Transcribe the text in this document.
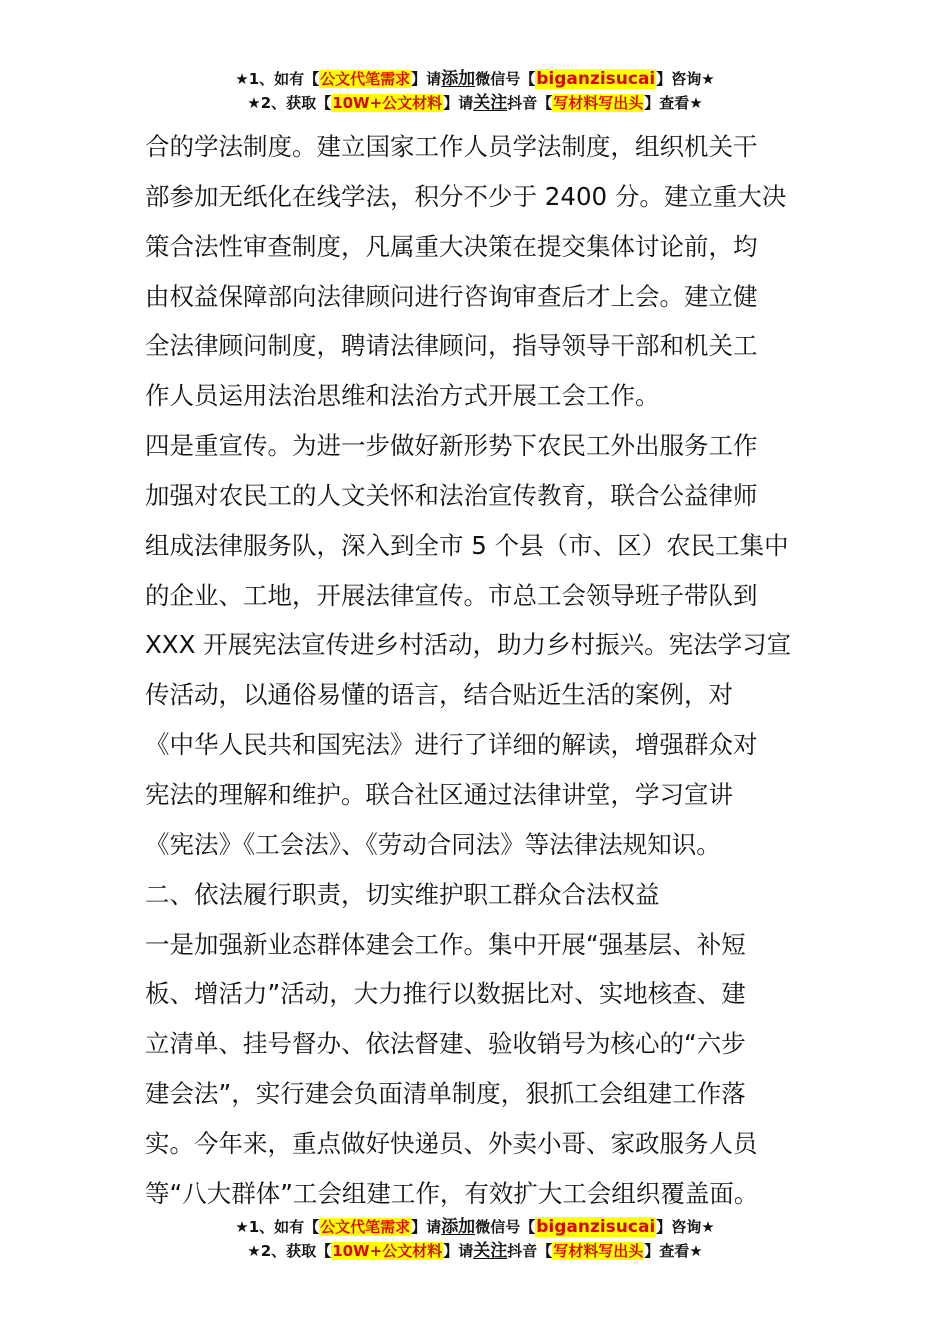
★1、如有【公文代笔需求】请添加微信号【biganzisucai】咨询★
★2、获取【10W+公文材料】请关注抖音【写材料写出头】查看★
合的学法制度。建立国家工作人员学法制度，组织机关干
部参加无纸化在线学法，积分不少于 2400 分。建立重大决
策合法性审查制度，凡属重大决策在提交集体讨论前，均
由权益保障部向法律顾问进行咨询审查后才上会。建立健
全法律顾问制度，聘请法律顾问，指导领导干部和机关工
作人员运用法治思维和法治方式开展工会工作。
四是重宣传。为进一步做好新形势下农民工外出服务工作
加强对农民工的人文关怀和法治宣传教育，联合公益律师
组成法律服务队，深入到全市 5 个县（市、区）农民工集中
的企业、工地，开展法律宣传。市总工会领导班子带队到
XXX 开展宪法宣传进乡村活动，助力乡村振兴。宪法学习宣
传活动，以通俗易懂的语言，结合贴近生活的案例，对
《中华人民共和国宪法》进行了详细的解读，增强群众对
宪法的理解和维护。联合社区通过法律讲堂，学习宣讲
《宪法》《工会法》、《劳动合同法》等法律法规知识。
二、依法履行职责，切实维护职工群众合法权益
一是加强新业态群体建会工作。集中开展“强基层、补短
板、增活力”活动，大力推行以数据比对、实地核查、建
立清单、挂号督办、依法督建、验收销号为核心的“六步
建会法”，实行建会负面清单制度，狠抓工会组建工作落
实。今年来，重点做好快递员、外卖小哥、家政服务人员
等“八大群体”工会组建工作，有效扩大工会组织覆盖面。
★1、如有【公文代笔需求】请添加微信号【biganzisucai】咨询★
★2、获取【10W+公文材料】请关注抖音【写材料写出头】查看★
